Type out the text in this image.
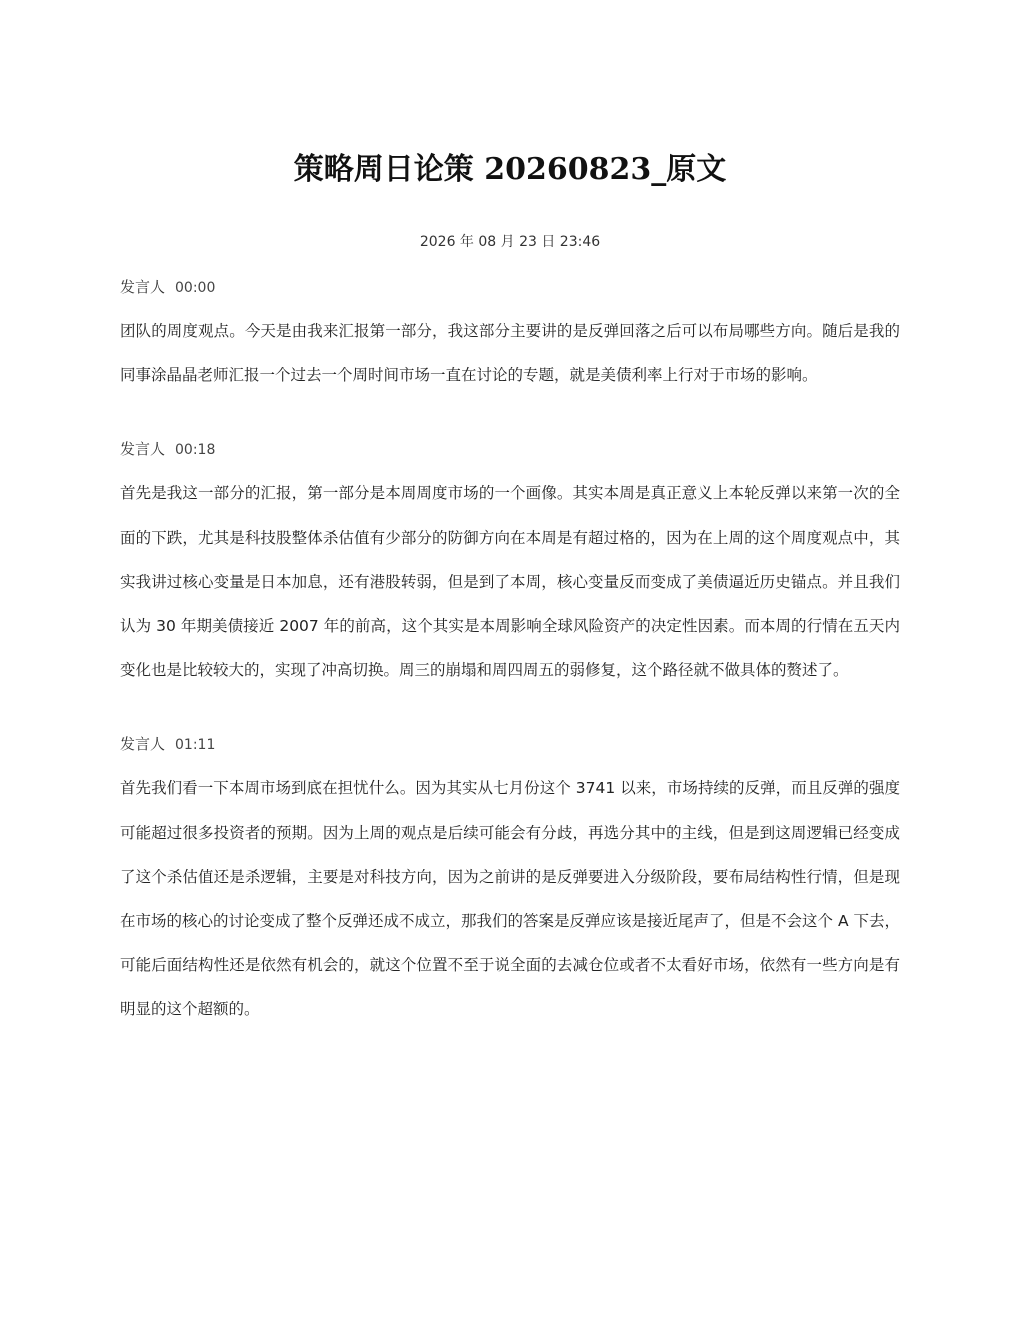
策略周日论策 20260823_原文
2026 年 08 月 23 日 23:46
发言人 00:00

团队的周度观点。今天是由我来汇报第一部分，我这部分主要讲的是反弹回落之后可以布局哪些方向。随后是我的同事涂晶晶老师汇报一个过去一个周时间市场一直在讨论的专题，就是美债利率上行对于市场的影响。

发言人 00:18

首先是我这一部分的汇报，第一部分是本周周度市场的一个画像。其实本周是真正意义上本轮反弹以来第一次的全面的下跌，尤其是科技股整体杀估值有少部分的防御方向在本周是有超过格的，因为在上周的这个周度观点中，其实我讲过核心变量是日本加息，还有港股转弱，但是到了本周，核心变量反而变成了美债逼近历史锚点。并且我们认为 30 年期美债接近 2007 年的前高，这个其实是本周影响全球风险资产的决定性因素。而本周的行情在五天内变化也是比较较大的，实现了冲高切换。周三的崩塌和周四周五的弱修复，这个路径就不做具体的赘述了。

发言人 01:11

首先我们看一下本周市场到底在担忧什么。因为其实从七月份这个 3741 以来，市场持续的反弹，而且反弹的强度可能超过很多投资者的预期。因为上周的观点是后续可能会有分歧，再选分其中的主线，但是到这周逻辑已经变成了这个杀估值还是杀逻辑，主要是对科技方向，因为之前讲的是反弹要进入分级阶段，要布局结构性行情，但是现在市场的核心的讨论变成了整个反弹还成不成立，那我们的答案是反弹应该是接近尾声了，但是不会这个 A 下去，可能后面结构性还是依然有机会的，就这个位置不至于说全面的去减仓位或者不太看好市场，依然有一些方向是有明显的这个超额的。
